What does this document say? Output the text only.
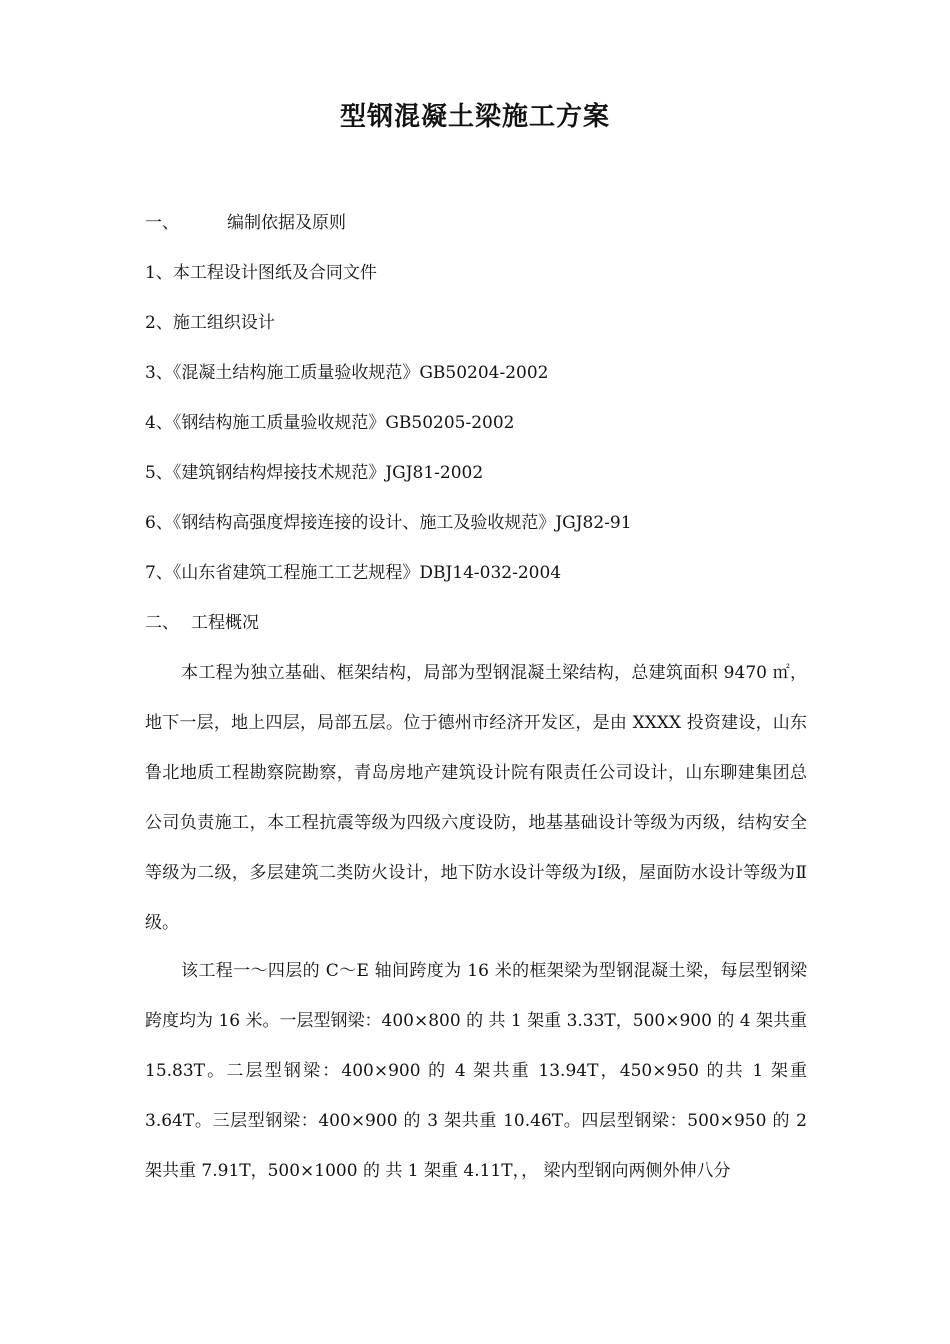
型钢混凝土梁施工方案
一、	编制依据及原则
1、本工程设计图纸及合同文件
2、施工组织设计
3、《混凝土结构施工质量验收规范》GB50204-2002
4、《钢结构施工质量验收规范》GB50205-2002
5、《建筑钢结构焊接技术规范》JGJ81-2002
6、《钢结构高强度焊接连接的设计、施工及验收规范》JGJ82-91
7、《山东省建筑工程施工工艺规程》DBJ14-032-2004
二、 工程概况
本工程为独立基础、框架结构，局部为型钢混凝土梁结构，总建筑面积 9470 ㎡，地下一层，地上四层，局部五层。位于德州市经济开发区，是由 XXXX 投资建设，山东鲁北地质工程勘察院勘察，青岛房地产建筑设计院有限责任公司设计，山东聊建集团总公司负责施工，本工程抗震等级为四级六度设防，地基基础设计等级为丙级，结构安全等级为二级，多层建筑二类防火设计，地下防水设计等级为Ⅰ级，屋面防水设计等级为Ⅱ级。
该工程一～四层的 C～E 轴间跨度为 16 米的框架梁为型钢混凝土梁，每层型钢梁跨度均为 16 米。一层型钢梁：400×800 的 共 1 架重 3.33T，500×900 的 4 架共重 15.83T。二层型钢梁：400×900 的 4 架共重 13.94T，450×950 的共 1 架重 3.64T。三层型钢梁：400×900 的 3 架共重 10.46T。四层型钢梁：500×950 的 2 架共重 7.91T，500×1000 的 共 1 架重 4.11T，， 梁内型钢向两侧外伸八分
